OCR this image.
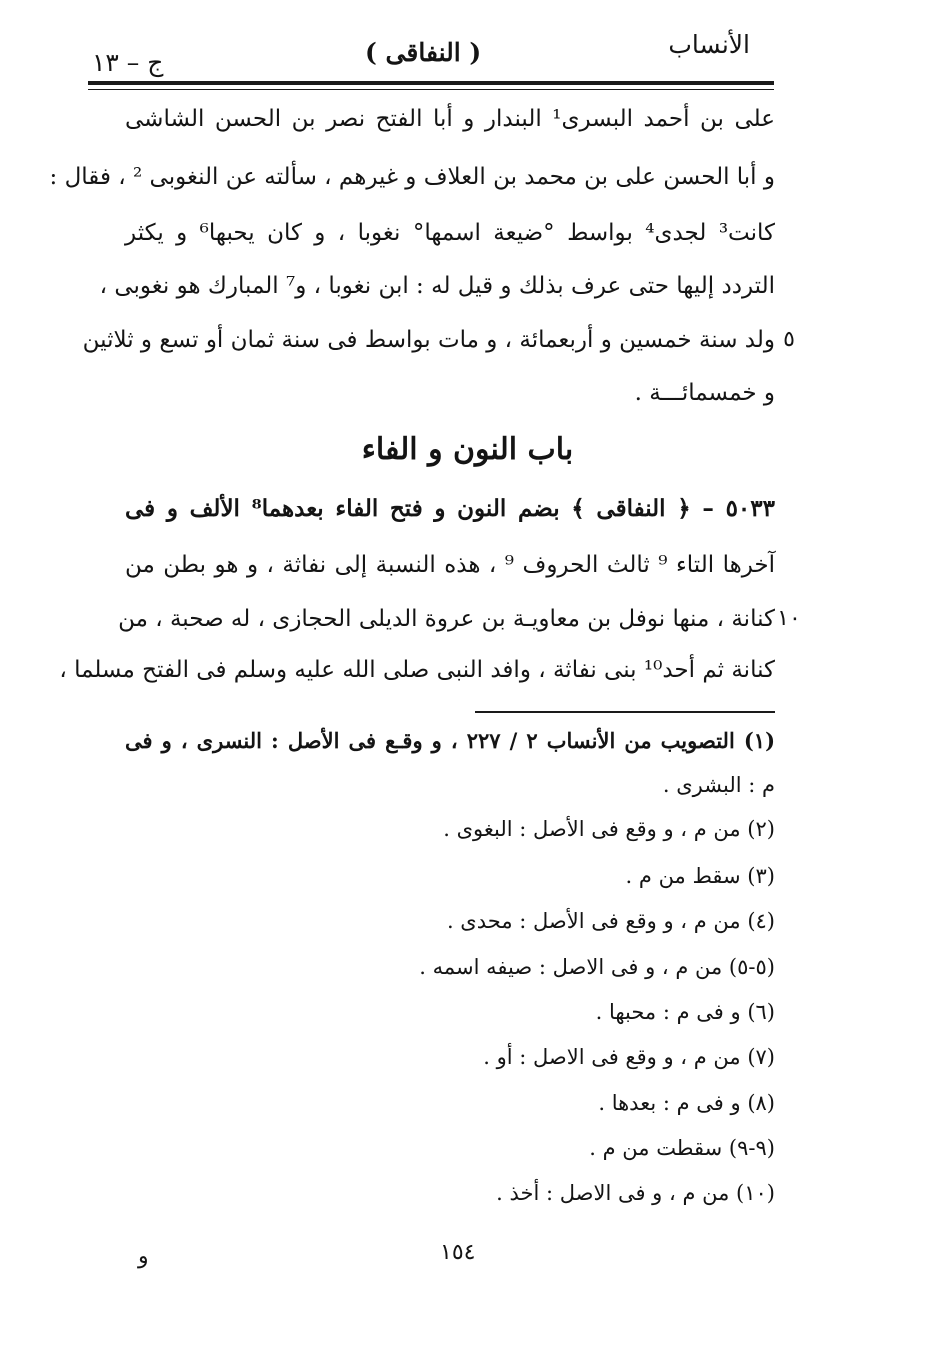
الأنساب
( النفاقى )
ج – ١٣
على بن أحمد البسرى¹ البندار و أبا الفتح نصر بن الحسن الشاشى
و أبا الحسن على بن محمد بن العلاف و غيرهم ، سألته عن النغوبى ² ، فقال :
كانت³ لجدى⁴ بواسط °ضيعة اسمها° نغوبا ، و كان يحبها⁶ و يكثر
التردد إليها حتى عرف بذلك و قيل له : ابن نغوبا ، و⁷ المبارك هو نغوبى ،
ولد سنة خمسين و أربعمائة ، و مات بواسط فى سنة ثمان أو تسع و ثلاثين ٥
و خمسمائـــة .
باب النون و الفاء
٥٠٣٣ – ﴿ النفاقى ﴾ بضم النون و فتح الفاء بعدهما⁸ الألف و فى
آخرها التاء ⁹ ثالث الحروف ⁹ ، هذه النسبة إلى نفاثة ، و هو بطن من
كنانة ، منها نوفل بن معاويـة بن عروة الديلى الحجازى ، له صحبة ، من ١٠
كنانة ثم أحد¹⁰ بنى نفاثة ، وافد النبى صلى الله عليه وسلم فى الفتح مسلما ،
(١) التصويب من الأنساب ٢ / ٢٢٧ ، و وقـع فى الأصل : النسرى ، و فى
م : البشرى .
(٢) من م ، و وقع فى الأصل : البغوى .
(٣) سقط من م .
(٤) من م ، و وقع فى الأصل : محدى .
(٥-٥) من م ، و فى الاصل : صيفه اسمه .
(٦) و فى م : محبها .
(٧) من م ، و وقع فى الاصل : أو .
(٨) و فى م : بعدها .
(٩-٩) سقطت من م .
(١٠) من م ، و فى الاصل : أخذ .
١٥٤
و
